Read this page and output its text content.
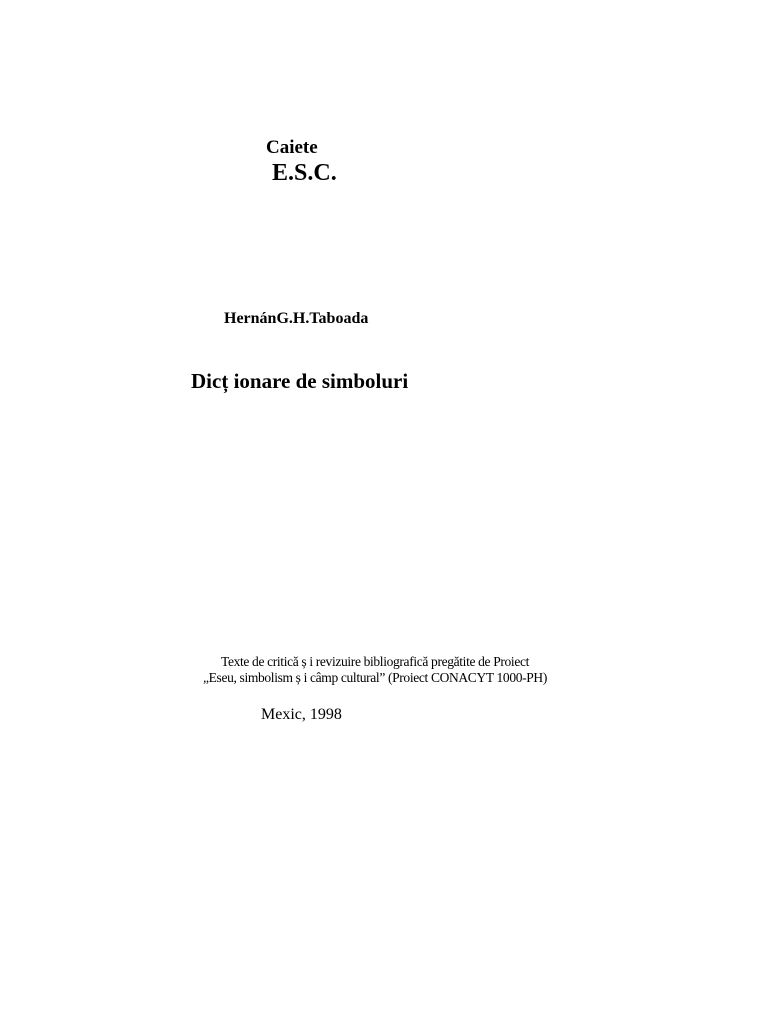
Caiete
E.S.C.
HernánG.H.Taboada
Dicț ionare de simboluri
Texte de critică ș i revizuire bibliografică pregătite de Proiect
„Eseu, simbolism ș i câmp cultural” (Proiect CONACYT 1000-PH)
Mexic, 1998
